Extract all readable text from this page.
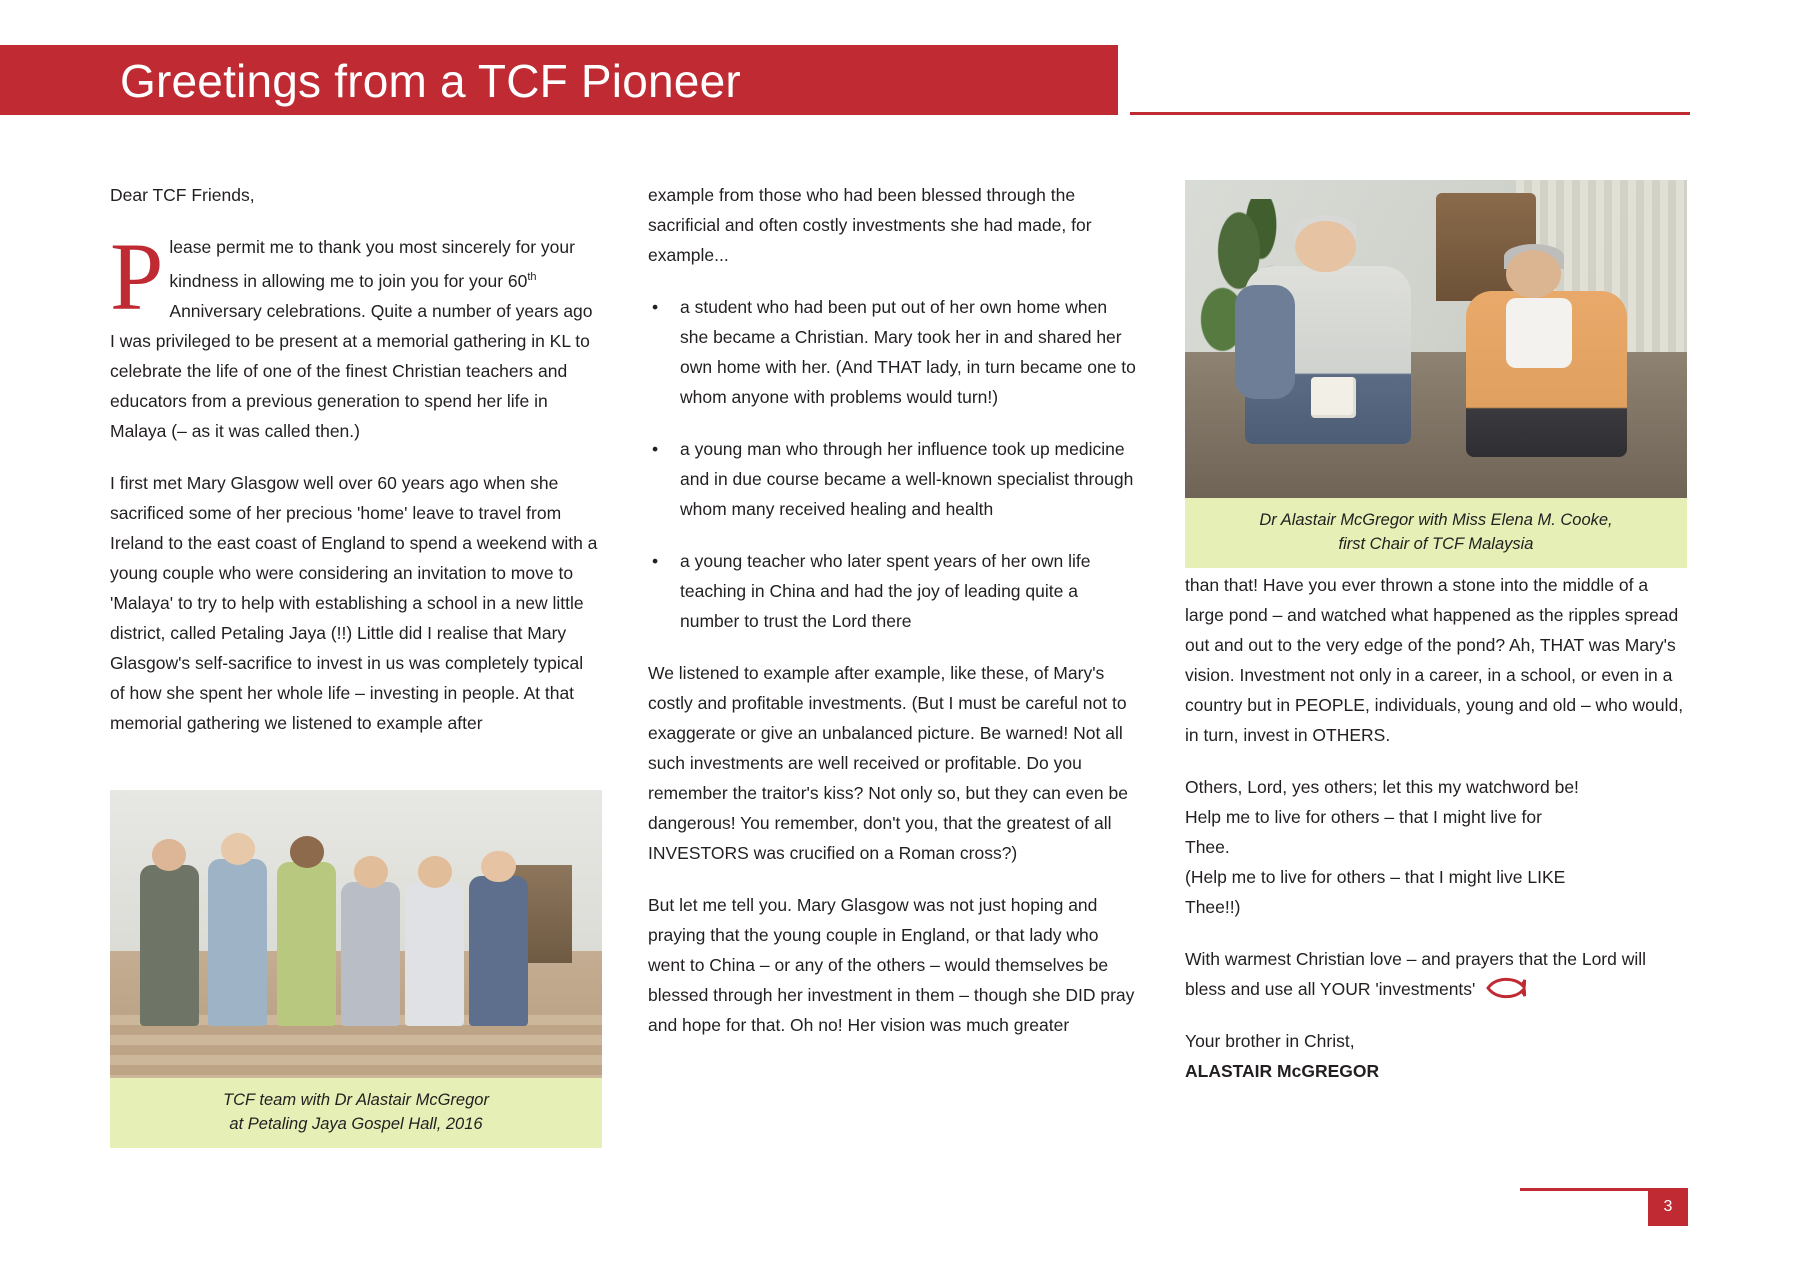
Greetings from a TCF Pioneer

Dear TCF Friends,

Please permit me to thank you most sincerely for your kindness in allowing me to join you for your 60th Anniversary celebrations. Quite a number of years ago I was privileged to be present at a memorial gathering in KL to celebrate the life of one of the finest Christian teachers and educators from a previous generation to spend her life in Malaya (– as it was called then.)

I first met Mary Glasgow well over 60 years ago when she sacrificed some of her precious 'home' leave to travel from Ireland to the east coast of England to spend a weekend with a young couple who were considering an invitation to move to 'Malaya' to try to help with establishing a school in a new little district, called Petaling Jaya (!!) Little did I realise that Mary Glasgow's self-sacrifice to invest in us was completely typical of how she spent her whole life – investing in people. At that memorial gathering we listened to example after

example from those who had been blessed through the sacrificial and often costly investments she had made, for example...

• a student who had been put out of her own home when she became a Christian. Mary took her in and shared her own home with her. (And THAT lady, in turn became one to whom anyone with problems would turn!)
• a young man who through her influence took up medicine and in due course became a well-known specialist through whom many received healing and health
• a young teacher who later spent years of her own life teaching in China and had the joy of leading quite a number to trust the Lord there

We listened to example after example, like these, of Mary's costly and profitable investments. (But I must be careful not to exaggerate or give an unbalanced picture. Be warned! Not all such investments are well received or profitable. Do you remember the traitor's kiss? Not only so, but they can even be dangerous! You remember, don't you, that the greatest of all INVESTORS was crucified on a Roman cross?)

But let me tell you. Mary Glasgow was not just hoping and praying that the young couple in England, or that lady who went to China – or any of the others – would themselves be blessed through her investment in them – though she DID pray and hope for that. Oh no! Her vision was much greater

than that! Have you ever thrown a stone into the middle of a large pond – and watched what happened as the ripples spread out and out to the very edge of the pond? Ah, THAT was Mary's vision. Investment not only in a career, in a school, or even in a country but in PEOPLE, individuals, young and old – who would, in turn, invest in OTHERS.

Others, Lord, yes others; let this my watchword be!
Help me to live for others – that I might live for
Thee.
(Help me to live for others – that I might live LIKE
Thee!!)

With warmest Christian love – and prayers that the Lord will bless and use all YOUR 'investments'

Your brother in Christ,
ALASTAIR McGREGOR

Dr Alastair McGregor with Miss Elena M. Cooke,
first Chair of TCF Malaysia
TCF team with Dr Alastair McGregor
at Petaling Jaya Gospel Hall, 2016
3
